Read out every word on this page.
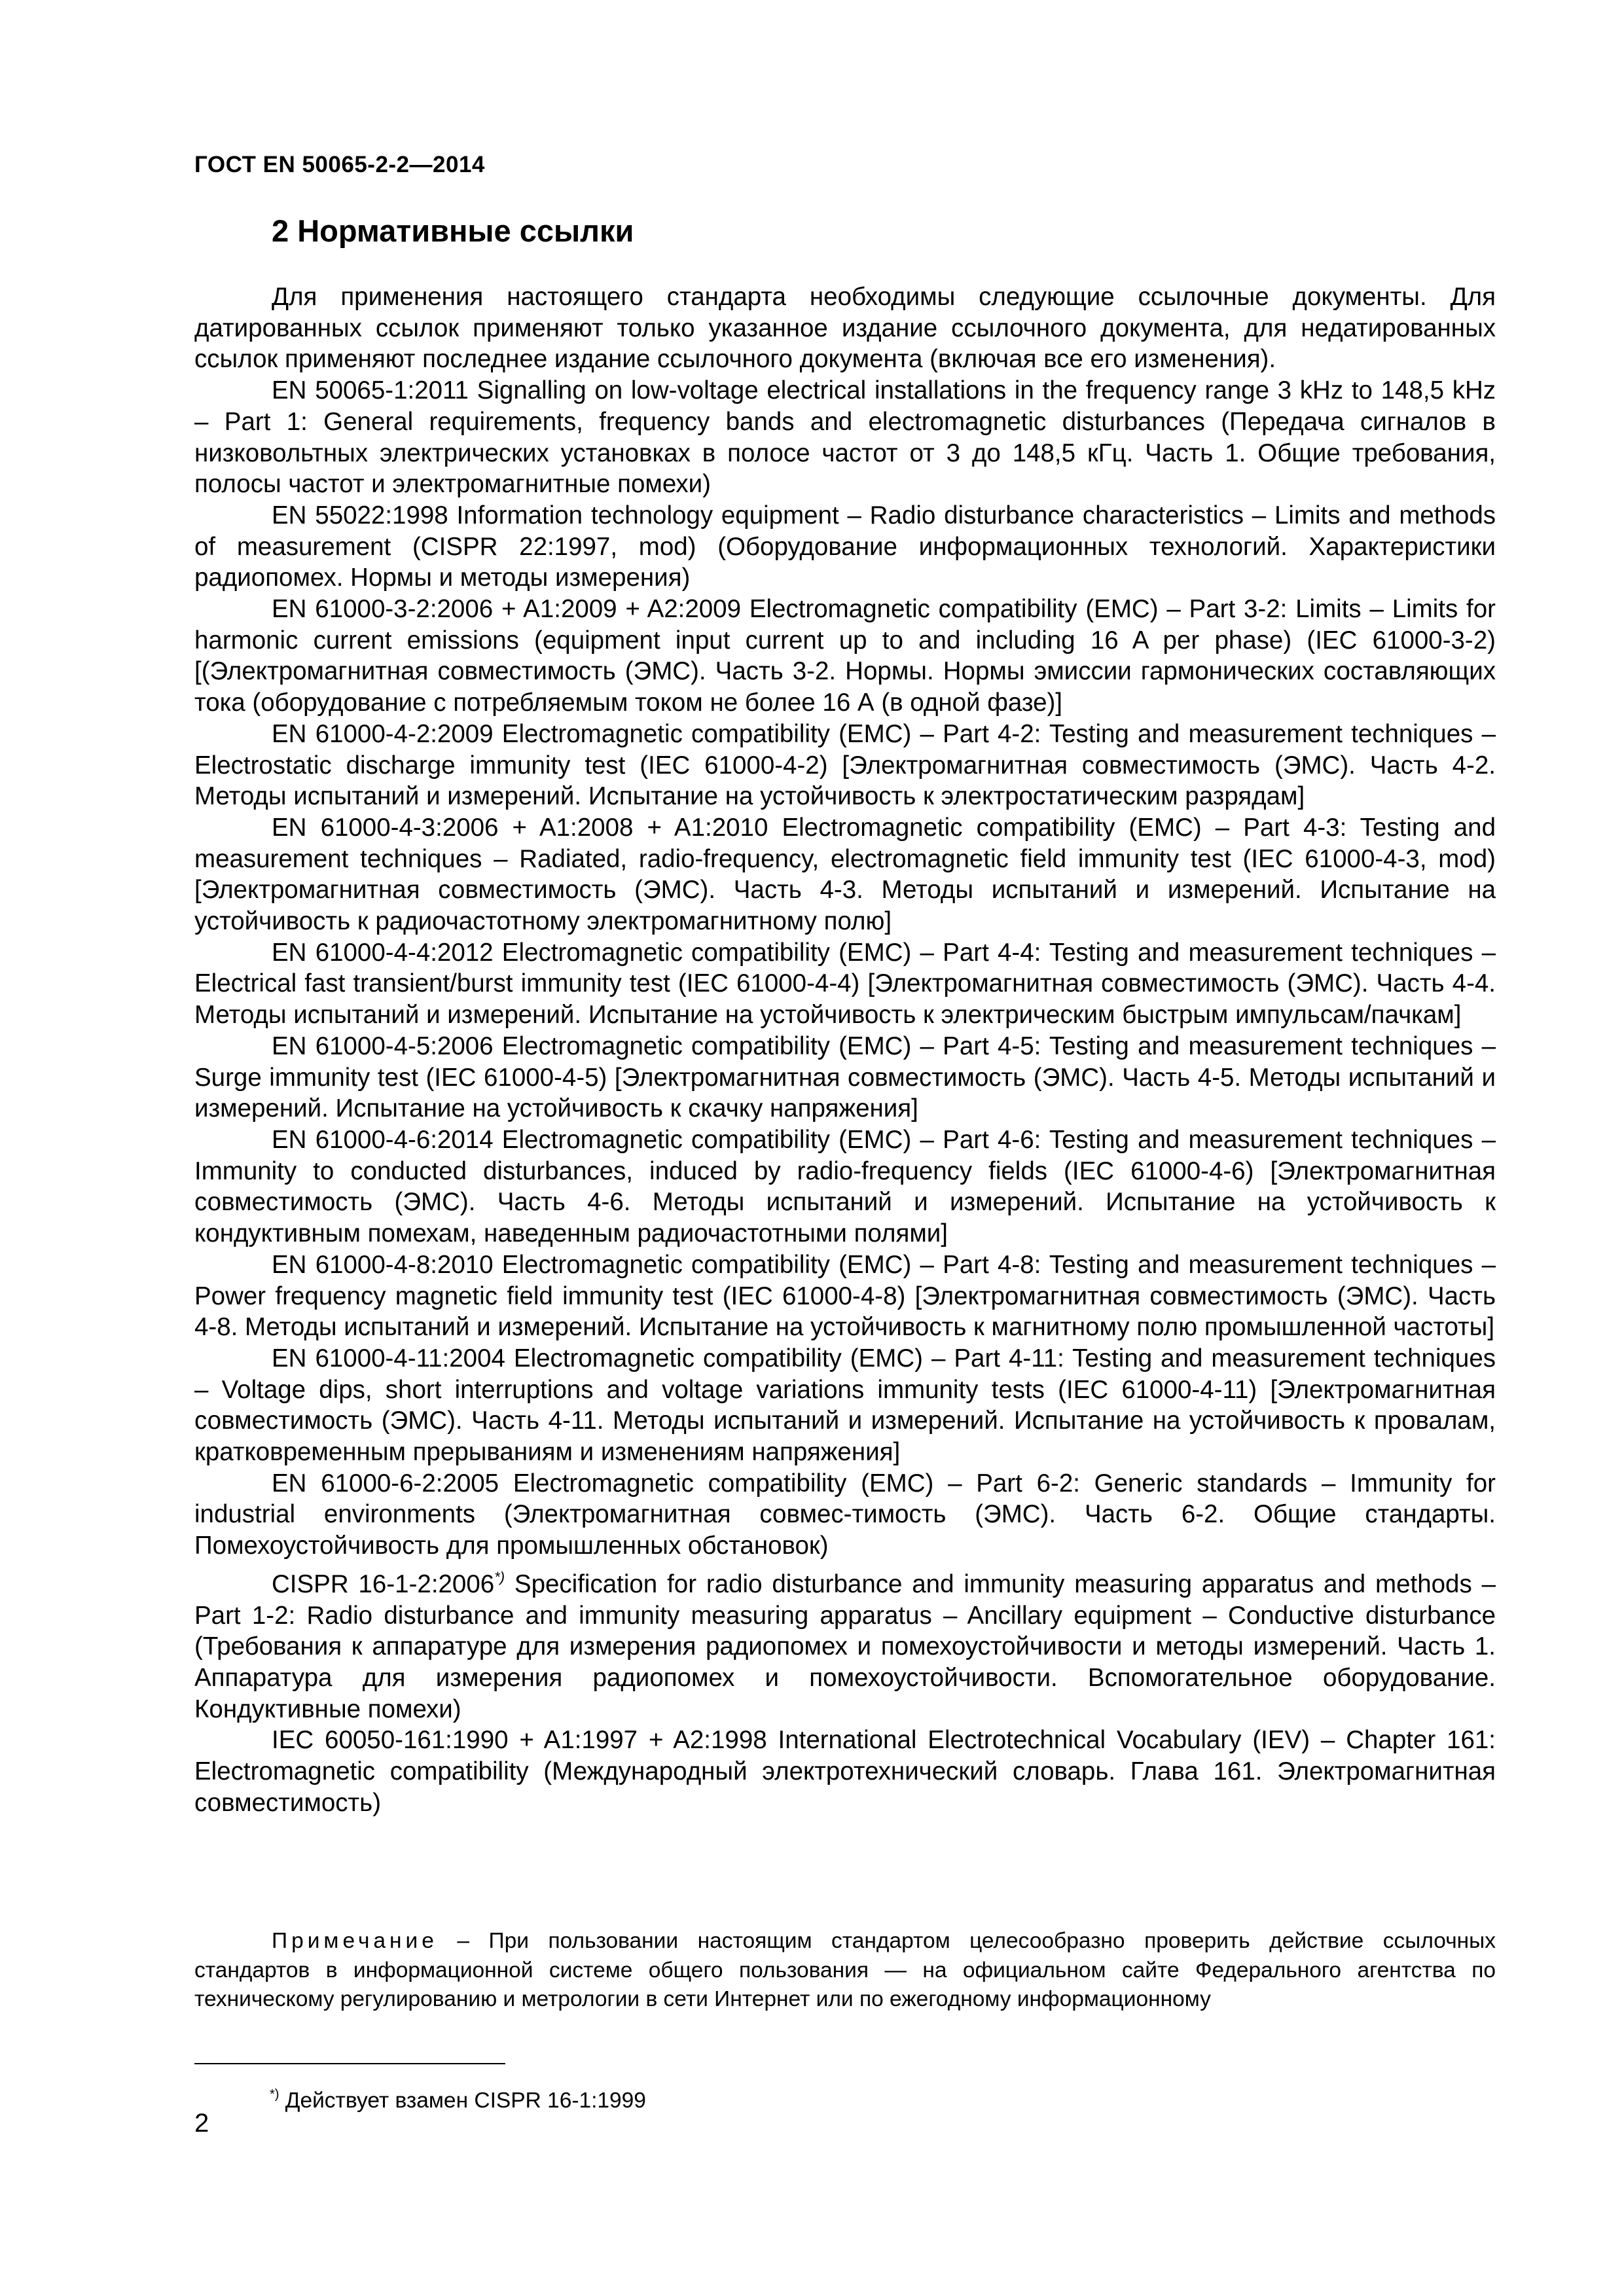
ГОСТ EN 50065-2-2—2014
2 Нормативные ссылки

Для применения настоящего стандарта необходимы следующие ссылочные документы. Для датированных ссылок применяют только указанное издание ссылочного документа, для недатированных ссылок применяют последнее издание ссылочного документа (включая все его изменения).

EN 50065-1:2011 Signalling on low-voltage electrical installations in the frequency range 3 kHz to 148,5 kHz – Part 1: General requirements, frequency bands and electromagnetic disturbances (Передача сигналов в низковольтных электрических установках в полосе частот от 3 до 148,5 кГц. Часть 1. Общие требования, полосы частот и электромагнитные помехи)

EN 55022:1998 Information technology equipment – Radio disturbance characteristics – Limits and methods of measurement (CISPR 22:1997, mod) (Оборудование информационных технологий. Характеристики радиопомех. Нормы и методы измерения)

EN 61000-3-2:2006 + A1:2009 + A2:2009 Electromagnetic compatibility (EMC) – Part 3-2: Limits – Limits for harmonic current emissions (equipment input current up to and including 16 A per phase) (IEC 61000-3-2) [(Электромагнитная совместимость (ЭМС). Часть 3-2. Нормы. Нормы эмиссии гармонических составляющих тока (оборудование с потребляемым током не более 16 А (в одной фазе)]

EN 61000-4-2:2009 Electromagnetic compatibility (EMC) – Part 4-2: Testing and measurement techniques – Electrostatic discharge immunity test (IEC 61000-4-2) [Электромагнитная совместимость (ЭМС). Часть 4-2. Методы испытаний и измерений. Испытание на устойчивость к электростатическим разрядам]

EN 61000-4-3:2006 + A1:2008 + A1:2010 Electromagnetic compatibility (EMC) – Part 4-3: Testing and measurement techniques – Radiated, radio-frequency, electromagnetic field immunity test (IEC 61000-4-3, mod) [Электромагнитная совместимость (ЭМС). Часть 4-3. Методы испытаний и измерений. Испытание на устойчивость к радиочастотному электромагнитному полю]

EN 61000-4-4:2012 Electromagnetic compatibility (EMC) – Part 4-4: Testing and measurement techniques – Electrical fast transient/burst immunity test (IEC 61000-4-4) [Электромагнитная совместимость (ЭМС). Часть 4-4. Методы испытаний и измерений. Испытание на устойчивость к электрическим быстрым импульсам/пачкам]

EN 61000-4-5:2006 Electromagnetic compatibility (EMC) – Part 4-5: Testing and measurement techniques – Surge immunity test (IEC 61000-4-5) [Электромагнитная совместимость (ЭМС). Часть 4-5. Методы испытаний и измерений. Испытание на устойчивость к скачку напряжения]

EN 61000-4-6:2014 Electromagnetic compatibility (EMC) – Part 4-6: Testing and measurement techniques – Immunity to conducted disturbances, induced by radio-frequency fields (IEC 61000-4-6) [Электромагнитная совместимость (ЭМС). Часть 4-6. Методы испытаний и измерений. Испытание на устойчивость к кондуктивным помехам, наведенным радиочастотными полями]

EN 61000-4-8:2010 Electromagnetic compatibility (EMC) – Part 4-8: Testing and measurement techniques – Power frequency magnetic field immunity test (IEC 61000-4-8) [Электромагнитная совместимость (ЭМС). Часть 4-8. Методы испытаний и измерений. Испытание на устойчивость к магнитному полю промышленной частоты]

EN 61000-4-11:2004 Electromagnetic compatibility (EMC) – Part 4-11: Testing and measurement techniques – Voltage dips, short interruptions and voltage variations immunity tests (IEC 61000-4-11) [Электромагнитная совместимость (ЭМС). Часть 4-11. Методы испытаний и измерений. Испытание на устойчивость к провалам, кратковременным прерываниям и изменениям напряжения]

EN 61000-6-2:2005 Electromagnetic compatibility (EMC) – Part 6-2: Generic standards – Immunity for industrial environments (Электромагнитная совмес-тимость (ЭМС). Часть 6-2. Общие стандарты. Помехоустойчивость для промышленных обстановок)

CISPR 16-1-2:2006*) Specification for radio disturbance and immunity measuring apparatus and methods – Part 1-2: Radio disturbance and immunity measuring apparatus – Ancillary equipment – Conductive disturbance (Требования к аппаратуре для измерения радиопомех и помехоустойчивости и методы измерений. Часть 1. Аппаратура для измерения радиопомех и помехоустойчивости. Вспомогательное оборудование. Кондуктивные помехи)

IEC 60050-161:1990 + A1:1997 + A2:1998 International Electrotechnical Vocabulary (IEV) – Chapter 161: Electromagnetic compatibility (Международный электротехнический словарь. Глава 161. Электромагнитная совместимость)

Примечание – При пользовании настоящим стандартом целесообразно проверить действие ссылочных стандартов в информационной системе общего пользования — на официальном сайте Федерального агентства по техническому регулированию и метрологии в сети Интернет или по ежегодному информационному

*) Действует взамен CISPR 16-1:1999
2
